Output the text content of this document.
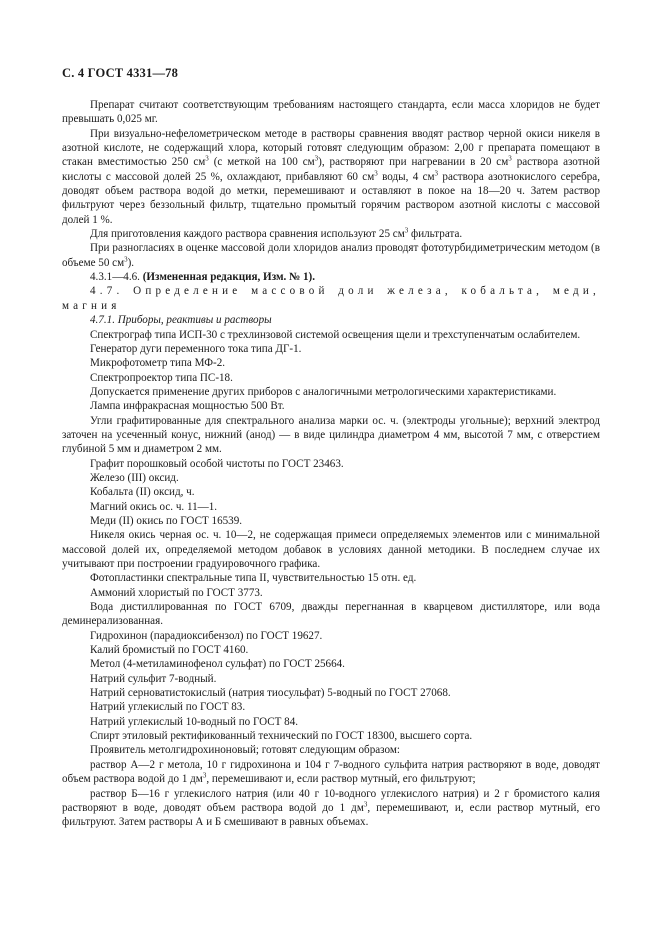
С. 4 ГОСТ 4331—78

Препарат считают соответствующим требованиям настоящего стандарта, если масса хлоридов не будет превышать 0,025 мг.

При визуально-нефелометрическом методе в растворы сравнения вводят раствор черной окиси никеля в азотной кислоте, не содержащий хлора, который готовят следующим образом: 2,00 г препарата помещают в стакан вместимостью 250 $см^3$ (с меткой на 100 $см^3$), растворяют при нагревании в 20 $см^3$ раствора азотной кислоты с массовой долей 25 %, охлаждают, прибавляют 60 $см^3$ воды, 4 $см^3$ раствора азотнокислого серебра, доводят объем раствора водой до метки, перемешивают и оставляют в покое на 18—20 ч. Затем раствор фильтруют через беззольный фильтр, тщательно промытый горячим раствором азотной кислоты с массовой долей 1 %.

Для приготовления каждого раствора сравнения используют 25 $см^3$ фильтрата.

При разногласиях в оценке массовой доли хлоридов анализ проводят фототурбидиметрическим методом (в объеме 50 $см^3$).

4.3.1—4.6. (Измененная редакция, Изм. № 1).

4.7. Определение массовой доли железа, кобальта, меди, магния

4.7.1. Приборы, реактивы и растворы

Спектрограф типа ИСП-30 с трехлинзовой системой освещения щели и трехступенчатым ослабителем.

Генератор дуги переменного тока типа ДГ-1.

Микрофотометр типа МФ-2.

Спектропроектор типа ПС-18.

Допускается применение других приборов с аналогичными метрологическими характеристиками.

Лампа инфракрасная мощностью 500 Вт.

Угли графитированные для спектрального анализа марки ос. ч. (электроды угольные); верхний электрод заточен на усеченный конус, нижний (анод) — в виде цилиндра диаметром 4 мм, высотой 7 мм, с отверстием глубиной 5 мм и диаметром 2 мм.

Графит порошковый особой чистоты по ГОСТ 23463.

Железо (III) оксид.

Кобальта (II) оксид, ч.

Магний окись ос. ч. 11—1.

Меди (II) окись по ГОСТ 16539.

Никеля окись черная ос. ч. 10—2, не содержащая примеси определяемых элементов или с минимальной массовой долей их, определяемой методом добавок в условиях данной методики. В последнем случае их учитывают при построении градуировочного графика.

Фотопластинки спектральные типа II, чувствительностью 15 отн. ед.

Аммоний хлористый по ГОСТ 3773.

Вода дистиллированная по ГОСТ 6709, дважды перегнанная в кварцевом дистилляторе, или вода деминерализованная.

Гидрохинон (парадиоксибензол) по ГОСТ 19627.

Калий бромистый по ГОСТ 4160.

Метол (4-метиламинофенол сульфат) по ГОСТ 25664.

Натрий сульфит 7-водный.

Натрий серноватистокислый (натрия тиосульфат) 5-водный по ГОСТ 27068.

Натрий углекислый по ГОСТ 83.

Натрий углекислый 10-водный по ГОСТ 84.

Спирт этиловый ректификованный технический по ГОСТ 18300, высшего сорта.

Проявитель метолгидрохиноновый; готовят следующим образом:

раствор А—2 г метола, 10 г гидрохинона и 104 г 7-водного сульфита натрия растворяют в воде, доводят объем раствора водой до 1 $дм^3$, перемешивают и, если раствор мутный, его фильтруют;

раствор Б—16 г углекислого натрия (или 40 г 10-водного углекислого натрия) и 2 г бромистого калия растворяют в воде, доводят объем раствора водой до 1 $дм^3$, перемешивают, и, если раствор мутный, его фильтруют. Затем растворы А и Б смешивают в равных объемах.
